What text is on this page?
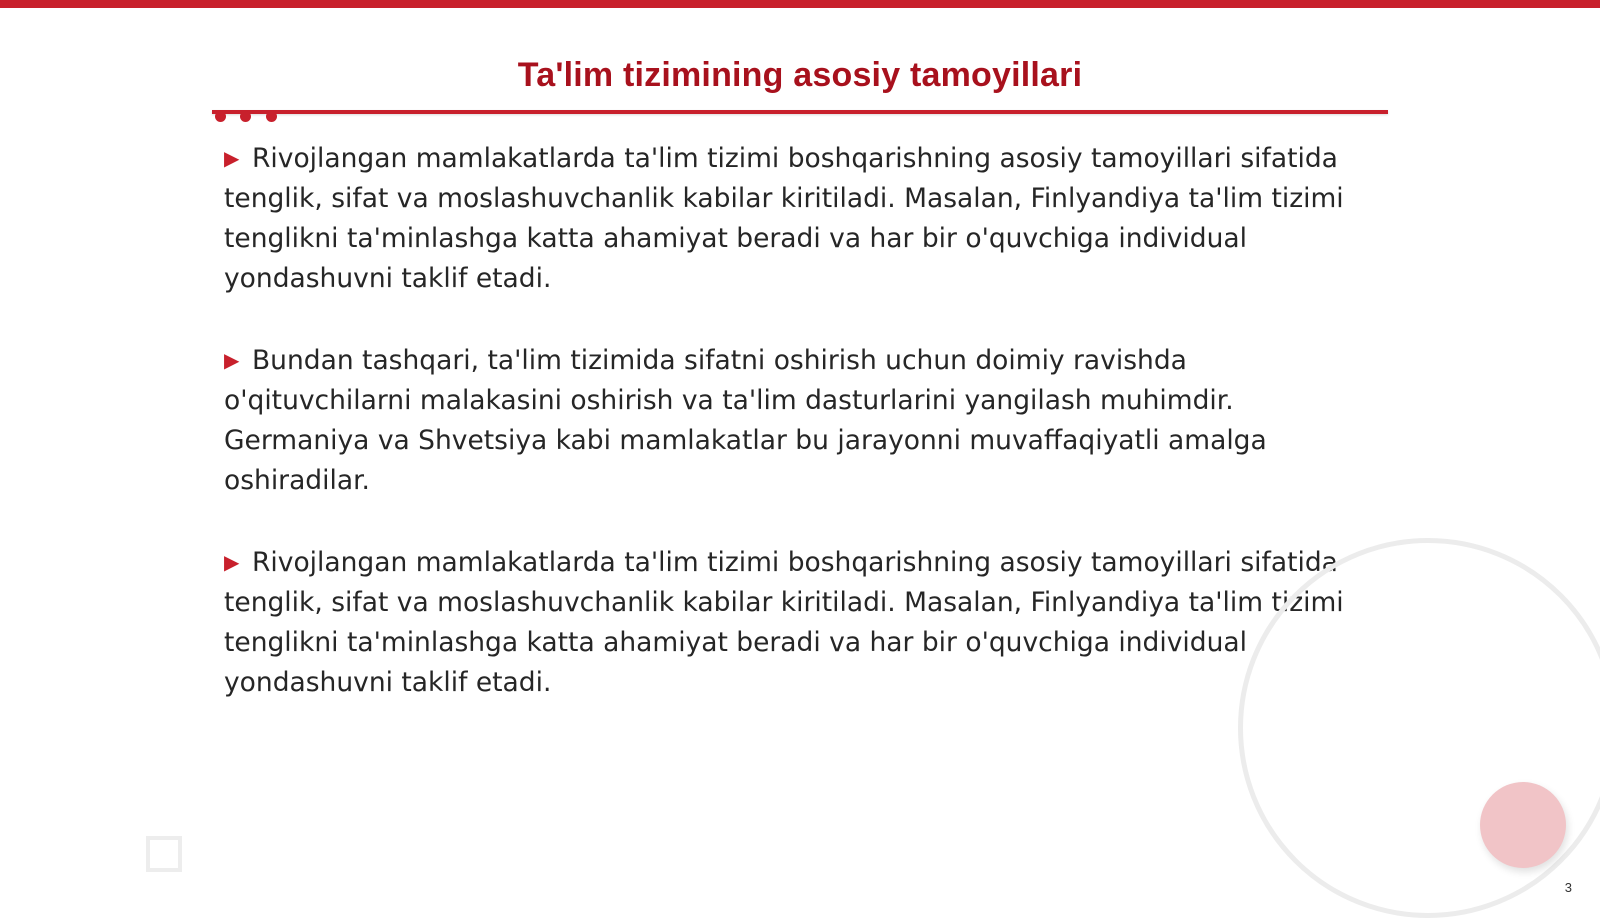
Ta'lim tizimining asosiy tamoyillari

▶ Rivojlangan mamlakatlarda ta'lim tizimi boshqarishning asosiy tamoyillari sifatida tenglik, sifat va moslashuvchanlik kabilar kiritiladi. Masalan, Finlyandiya ta'lim tizimi tenglikni ta'minlashga katta ahamiyat beradi va har bir o'quvchiga individual yondashuvni taklif etadi.

▶ Bundan tashqari, ta'lim tizimida sifatni oshirish uchun doimiy ravishda o'qituvchilarni malakasini oshirish va ta'lim dasturlarini yangilash muhimdir. Germaniya va Shvetsiya kabi mamlakatlar bu jarayonni muvaffaqiyatli amalga oshiradilar.

▶ Rivojlangan mamlakatlarda ta'lim tizimi boshqarishning asosiy tamoyillari sifatida tenglik, sifat va moslashuvchanlik kabilar kiritiladi. Masalan, Finlyandiya ta'lim tizimi tenglikni ta'minlashga katta ahamiyat beradi va har bir o'quvchiga individual yondashuvni taklif etadi.

3
